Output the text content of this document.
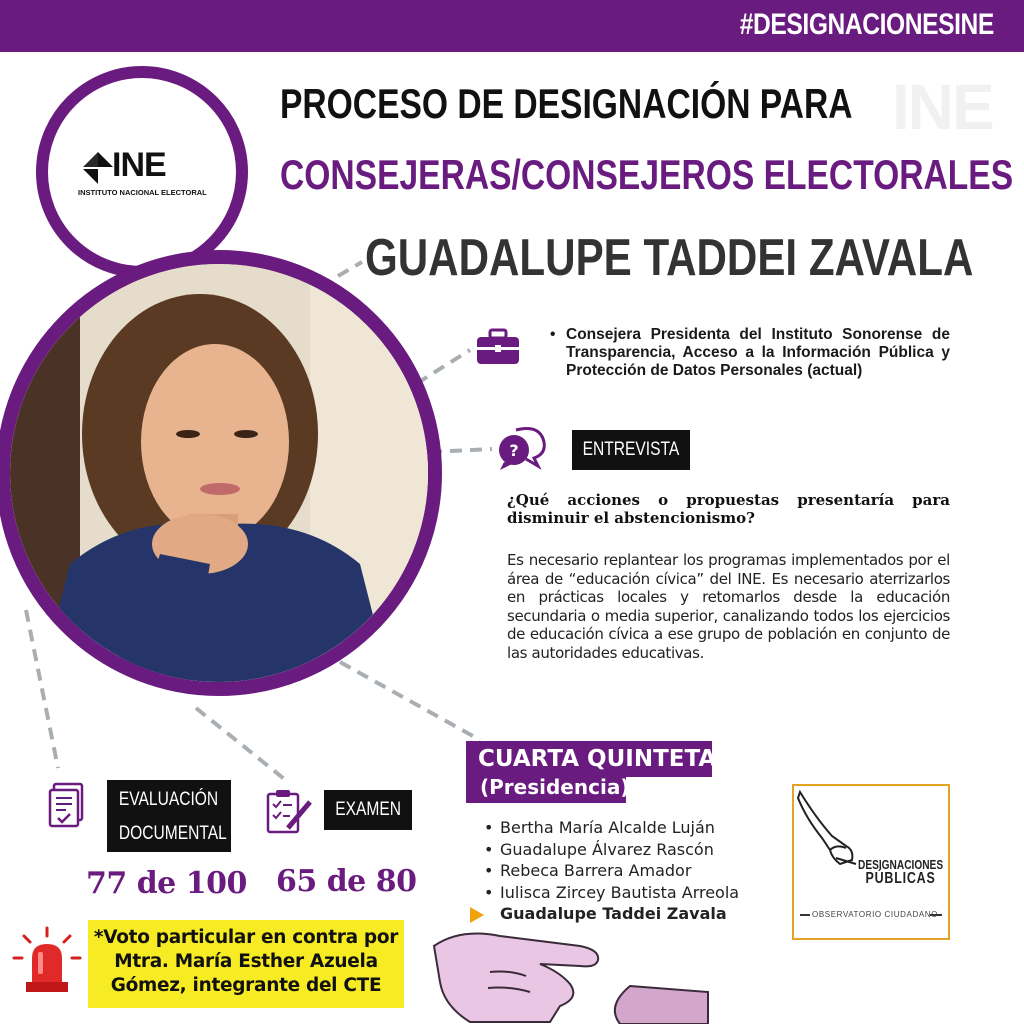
#DESIGNACIONESINE
INE
INE
INSTITUTO NACIONAL ELECTORAL
PROCESO DE DESIGNACIÓN PARA
CONSEJERAS/CONSEJEROS ELECTORALES
GUADALUPE TADDEI ZAVALA
• Consejera Presidenta del Instituto Sonorense de Transparencia, Acceso a la Información Pública y Protección de Datos Personales (actual)
?	ENTREVISTA
¿Qué acciones o propuestas presentaría para disminuir el abstencionismo?
Es necesario replantear los programas implementados por el área de “educación cívica” del INE. Es necesario aterrizarlos en prácticas locales y retomarlos desde la educación secundaria o media superior, canalizando todos los ejercicios de educación cívica a ese grupo de población en conjunto de las autoridades educativas.
EVALUACIÓN
DOCUMENTAL
77 de 100
EXAMEN
65 de 80
CUARTA QUINTETA
(Presidencia)
• Bertha María Alcalde Luján
• Guadalupe Álvarez Rascón
• Rebeca Barrera Amador
• Iulisca Zircey Bautista Arreola
Guadalupe Taddei Zavala
DESIGNACIONES
PÚBLICAS
OBSERVATORIO CIUDADANO
*Voto particular en contra por
Mtra. María Esther Azuela
Gómez, integrante del CTE
